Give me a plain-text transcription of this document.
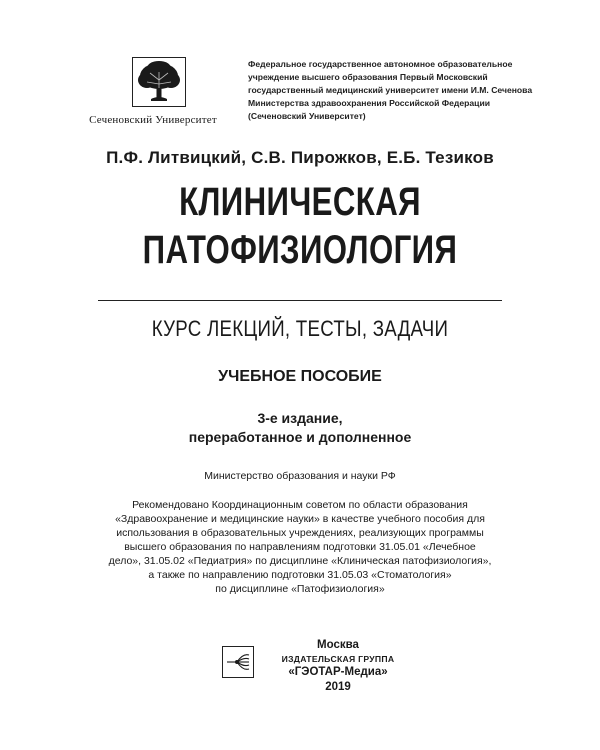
Сеченовский Университет
Федеральное государственное автономное образовательное
учреждение высшего образования Первый Московский
государственный медицинский университет имени И.М. Сеченова
Министерства здравоохранения Российской Федерации
(Сеченовский Университет)
П.Ф. Литвицкий, С.В. Пирожков, Е.Б. Тезиков
КЛИНИЧЕСКАЯ
ПАТОФИЗИОЛОГИЯ
КУРС ЛЕКЦИЙ, ТЕСТЫ, ЗАДАЧИ
УЧЕБНОЕ ПОСОБИЕ
3-е издание,
переработанное и дополненное
Министерство образования и науки РФ
Рекомендовано Координационным советом по области образования
«Здравоохранение и медицинские науки» в качестве учебного пособия для
использования в образовательных учреждениях, реализующих программы
высшего образования по направлениям подготовки 31.05.01 «Лечебное
дело», 31.05.02 «Педиатрия» по дисциплине «Клиническая патофизиология»,
а также по направлению подготовки 31.05.03 «Стоматология»
по дисциплине «Патофизиология»
Москва
ИЗДАТЕЛЬСКАЯ ГРУППА
«ГЭОТАР-Медиа»
2019
